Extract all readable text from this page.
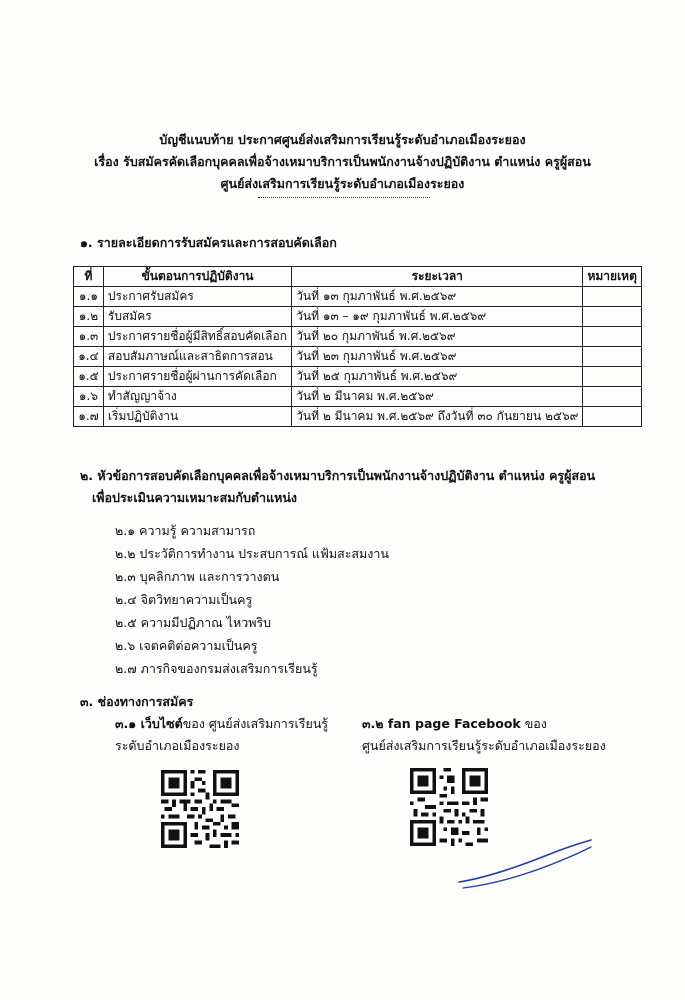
บัญชีแนบท้าย ประกาศศูนย์ส่งเสริมการเรียนรู้ระดับอำเภอเมืองระยอง
เรื่อง รับสมัครคัดเลือกบุคคลเพื่อจ้างเหมาบริการเป็นพนักงานจ้างปฏิบัติงาน ตำแหน่ง ครูผู้สอน
ศูนย์ส่งเสริมการเรียนรู้ระดับอำเภอเมืองระยอง
๑. รายละเอียดการรับสมัครและการสอบคัดเลือก
ที่	ขั้นตอนการปฏิบัติงาน	ระยะเวลา	หมายเหตุ
๑.๑	ประกาศรับสมัคร	วันที่ ๑๓ กุมภาพันธ์ พ.ศ.๒๕๖๙	
๑.๒	รับสมัคร	วันที่ ๑๓ – ๑๙ กุมภาพันธ์ พ.ศ.๒๕๖๙	
๑.๓	ประกาศรายชื่อผู้มีสิทธิ์สอบคัดเลือก	วันที่ ๒๐ กุมภาพันธ์ พ.ศ.๒๕๖๙	
๑.๔	สอบสัมภาษณ์และสาธิตการสอน	วันที่ ๒๓ กุมภาพันธ์ พ.ศ.๒๕๖๙	
๑.๕	ประกาศรายชื่อผู้ผ่านการคัดเลือก	วันที่ ๒๕ กุมภาพันธ์ พ.ศ.๒๕๖๙	
๑.๖	ทำสัญญาจ้าง	วันที่ ๒ มีนาคม พ.ศ.๒๕๖๙	
๑.๗	เริ่มปฏิบัติงาน	วันที่ ๒ มีนาคม พ.ศ.๒๕๖๙ ถึงวันที่ ๓๐ กันยายน ๒๕๖๙	
๒. หัวข้อการสอบคัดเลือกบุคคลเพื่อจ้างเหมาบริการเป็นพนักงานจ้างปฏิบัติงาน ตำแหน่ง ครูผู้สอน
เพื่อประเมินความเหมาะสมกับตำแหน่ง
๒.๑ ความรู้ ความสามารถ
๒.๒ ประวัติการทำงาน ประสบการณ์ แฟ้มสะสมงาน
๒.๓ บุคลิกภาพ และการวางตน
๒.๔ จิตวิทยาความเป็นครู
๒.๕ ความมีปฏิภาณ ไหวพริบ
๒.๖ เจตคติต่อความเป็นครู
๒.๗ ภารกิจของกรมส่งเสริมการเรียนรู้
๓. ช่องทางการสมัคร
๓.๑ เว็บไซต์ของ ศูนย์ส่งเสริมการเรียนรู้
ระดับอำเภอเมืองระยอง
๓.๒ fan page Facebook ของ
ศูนย์ส่งเสริมการเรียนรู้ระดับอำเภอเมืองระยอง
